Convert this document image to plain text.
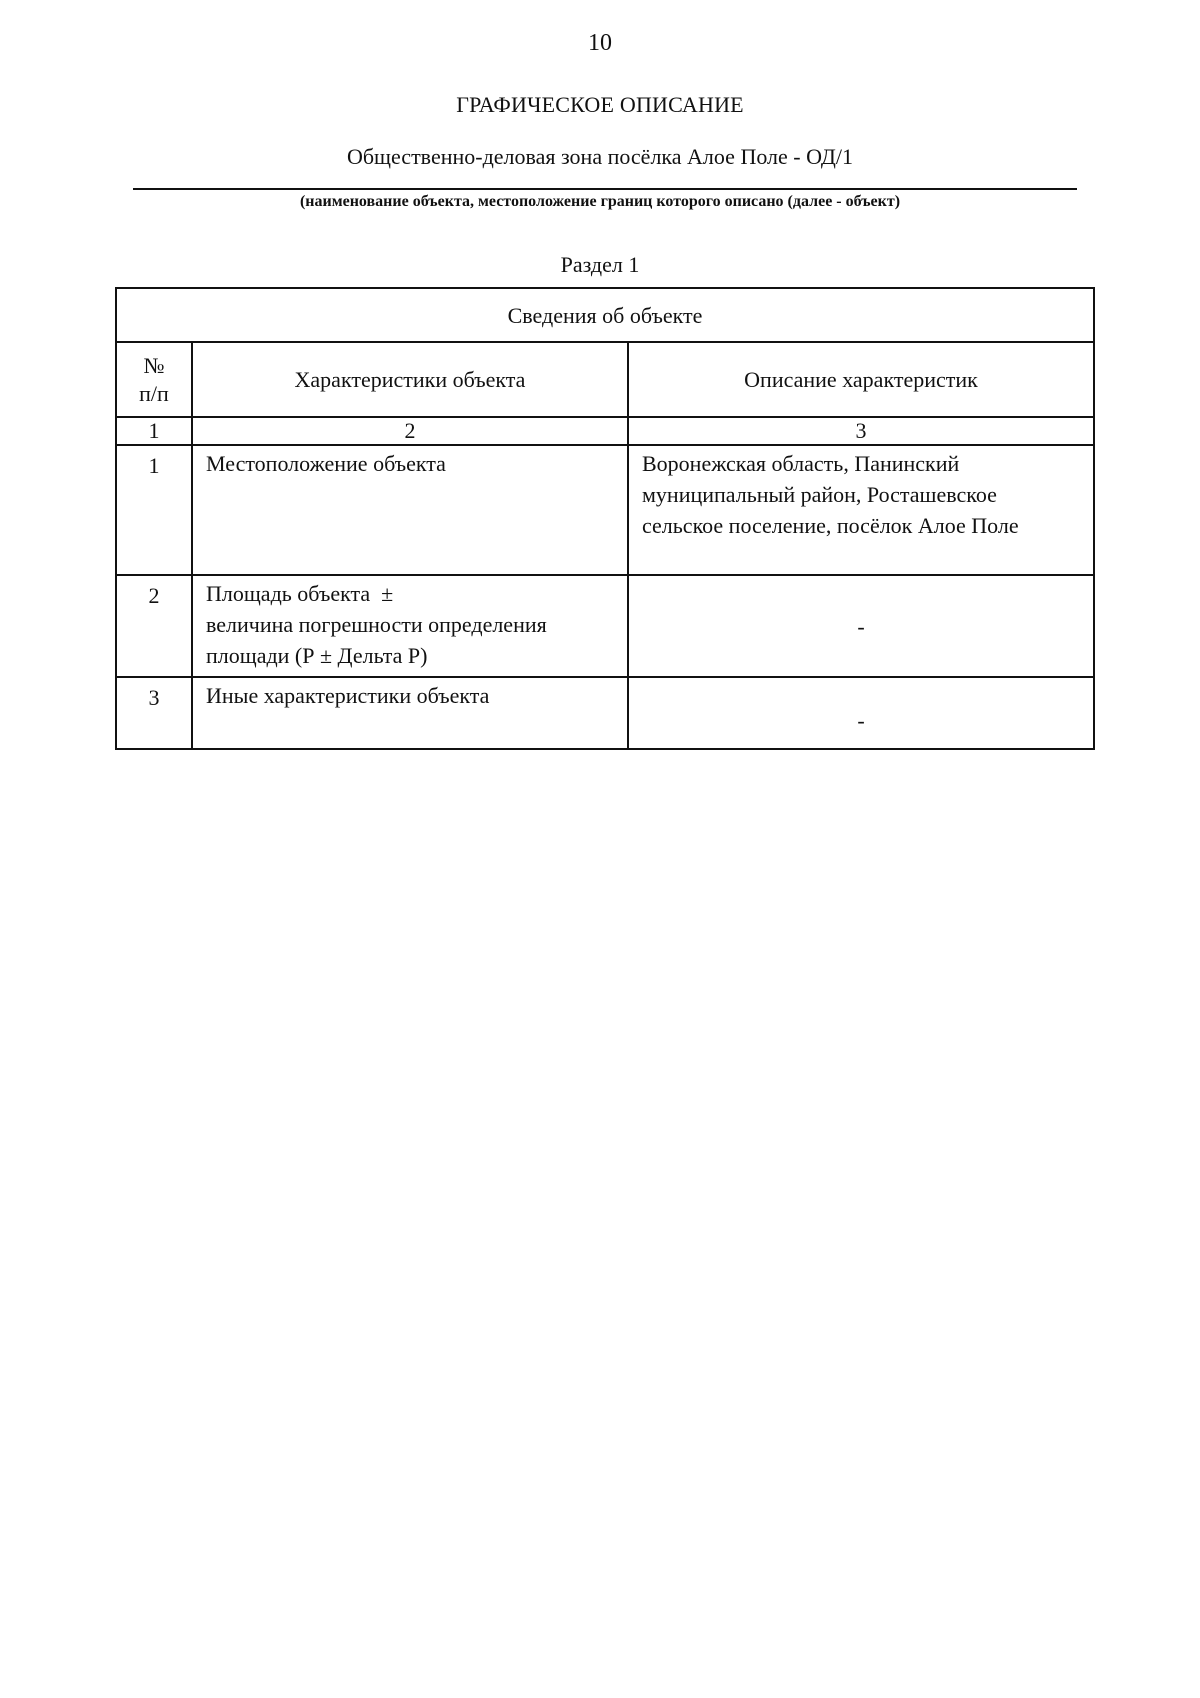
10
ГРАФИЧЕСКОЕ ОПИСАНИЕ
Общественно-деловая зона посёлка Алое Поле - ОД/1
(наименование объекта, местоположение границ которого описано (далее - объект)
Раздел 1
Сведения об объекте		

№
п/п	Характеристики объекта	Описание характеристик
1	2	3
1	Местоположение объекта	Воронежская область, Панинский
муниципальный район, Росташевское
сельское поселение, посёлок Алое Поле

2	Площадь объекта  ±
величина погрешности определения
площади (Р ± Дельта Р)	-
3	Иные характеристики объекта	-
